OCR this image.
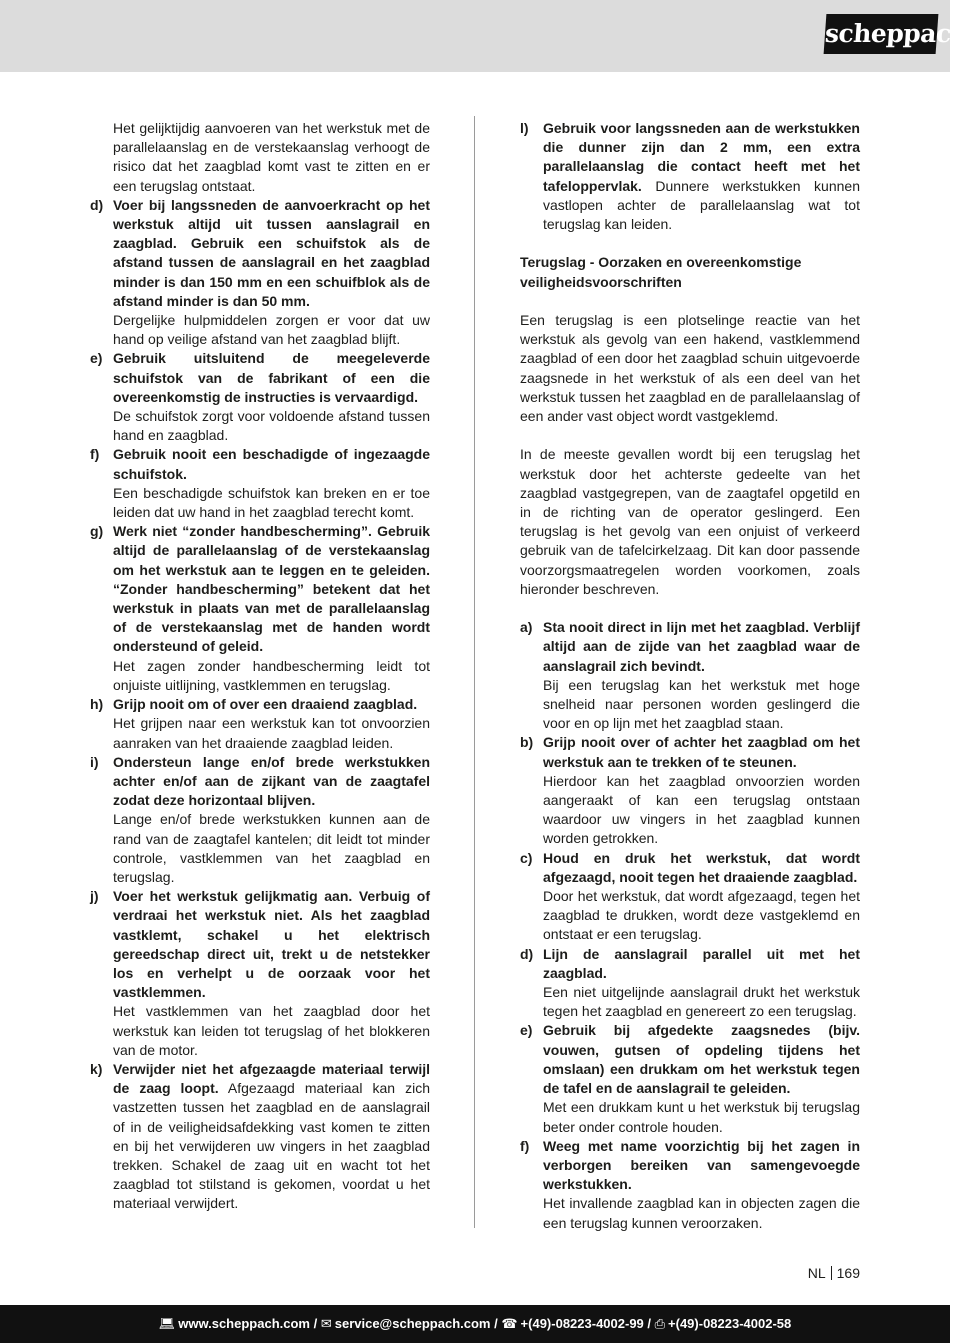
scheppach
Het gelijktijdig aanvoeren van het werkstuk met de parallelaanslag en de verstekaanslag verhoogt de risico dat het zaagblad komt vast te zitten en er een terugslag ontstaat.
d) Voer bij langssneden de aanvoerkracht op het werkstuk altijd uit tussen aanslagrail en zaagblad. Gebruik een schuifstok als de afstand tussen de aanslagrail en het zaagblad minder is dan 150 mm en een schuifblok als de afstand minder is dan 50 mm.
Dergelijke hulpmiddelen zorgen er voor dat uw hand op veilige afstand van het zaagblad blijft.
e) Gebruik uitsluitend de meegeleverde schuifstok van de fabrikant of een die overeenkomstig de instructies is vervaardigd.
De schuifstok zorgt voor voldoende afstand tussen hand en zaagblad.
f) Gebruik nooit een beschadigde of ingezaagde schuifstok.
Een beschadigde schuifstok kan breken en er toe leiden dat uw hand in het zaagblad terecht komt.
g) Werk niet “zonder handbescherming”. Gebruik altijd de parallelaanslag of de verstekaanslag om het werkstuk aan te leggen en te geleiden. “Zonder handbescherming” betekent dat het werkstuk in plaats van met de parallelaanslag of de verstekaanslag met de handen wordt ondersteund of geleid.
Het zagen zonder handbescherming leidt tot onjuiste uitlijning, vastklemmen en terugslag.
h) Grijp nooit om of over een draaiend zaagblad.
Het grijpen naar een werkstuk kan tot onvoorzien aanraken van het draaiende zaagblad leiden.
i) Ondersteun lange en/of brede werkstukken achter en/of aan de zijkant van de zaagtafel zodat deze horizontaal blijven.
Lange en/of brede werkstukken kunnen aan de rand van de zaagtafel kantelen; dit leidt tot minder controle, vastklemmen van het zaagblad en terugslag.
j) Voer het werkstuk gelijkmatig aan. Verbuig of verdraai het werkstuk niet. Als het zaagblad vastklemt, schakel u het elektrisch gereedschap direct uit, trekt u de netstekker los en verhelpt u de oorzaak voor het vastklemmen.
Het vastklemmen van het zaagblad door het werkstuk kan leiden tot terugslag of het blokkeren van de motor.
k) Verwijder niet het afgezaagde materiaal terwijl de zaag loopt. Afgezaagd materiaal kan zich vastzetten tussen het zaagblad en de aanslagrail of in de veiligheidsafdekking vast komen te zitten en bij het verwijderen uw vingers in het zaagblad trekken. Schakel de zaag uit en wacht tot het zaagblad tot stilstand is gekomen, voordat u het materiaal verwijdert.
l) Gebruik voor langssneden aan de werkstukken die dunner zijn dan 2 mm, een extra parallelaanslag die contact heeft met het tafeloppervlak. Dunnere werkstukken kunnen vastlopen achter de parallelaanslag wat tot terugslag kan leiden.
Terugslag - Oorzaken en overeenkomstige veiligheidsvoorschriften
Een terugslag is een plotselinge reactie van het werkstuk als gevolg van een hakend, vastklemmend zaagblad of een door het zaagblad schuin uitgevoerde zaagsnede in het werkstuk of als een deel van het werkstuk tussen het zaagblad en de parallelaanslag of een ander vast object wordt vastgeklemd.
In de meeste gevallen wordt bij een terugslag het werkstuk door het achterste gedeelte van het zaagblad vastgegrepen, van de zaagtafel opgetild en in de richting van de operator geslingerd. Een terugslag is het gevolg van een onjuist of verkeerd gebruik van de tafelcirkelzaag. Dit kan door passende voorzorgsmaatregelen worden voorkomen, zoals hieronder beschreven.
a) Sta nooit direct in lijn met het zaagblad. Verblijf altijd aan de zijde van het zaagblad waar de aanslagrail zich bevindt.
Bij een terugslag kan het werkstuk met hoge snelheid naar personen worden geslingerd die voor en op lijn met het zaagblad staan.
b) Grijp nooit over of achter het zaagblad om het werkstuk aan te trekken of te steunen.
Hierdoor kan het zaagblad onvoorzien worden aangeraakt of kan een terugslag ontstaan waardoor uw vingers in het zaagblad kunnen worden getrokken.
c) Houd en druk het werkstuk, dat wordt afgezaagd, nooit tegen het draaiende zaagblad.
Door het werkstuk, dat wordt afgezaagd, tegen het zaagblad te drukken, wordt deze vastgeklemd en ontstaat er een terugslag.
d) Lijn de aanslagrail parallel uit met het zaagblad.
Een niet uitgelijnde aanslagrail drukt het werkstuk tegen het zaagblad en genereert zo een terugslag.
e) Gebruik bij afgedekte zaagsnedes (bijv. vouwen, gutsen of opdeling tijdens het omslaan) een drukkam om het werkstuk tegen de tafel en de aanslagrail te geleiden.
Met een drukkam kunt u het werkstuk bij terugslag beter onder controle houden.
f) Weeg met name voorzichtig bij het zagen in verborgen bereiken van samengevoegde werkstukken.
Het invallende zaagblad kan in objecten zagen die een terugslag kunnen veroorzaken.
NL 169
💻︎ www.scheppach.com / ✉︎ service@scheppach.com / ☎︎ +(49)-08223-4002-99 / ⎙ +(49)-08223-4002-58
